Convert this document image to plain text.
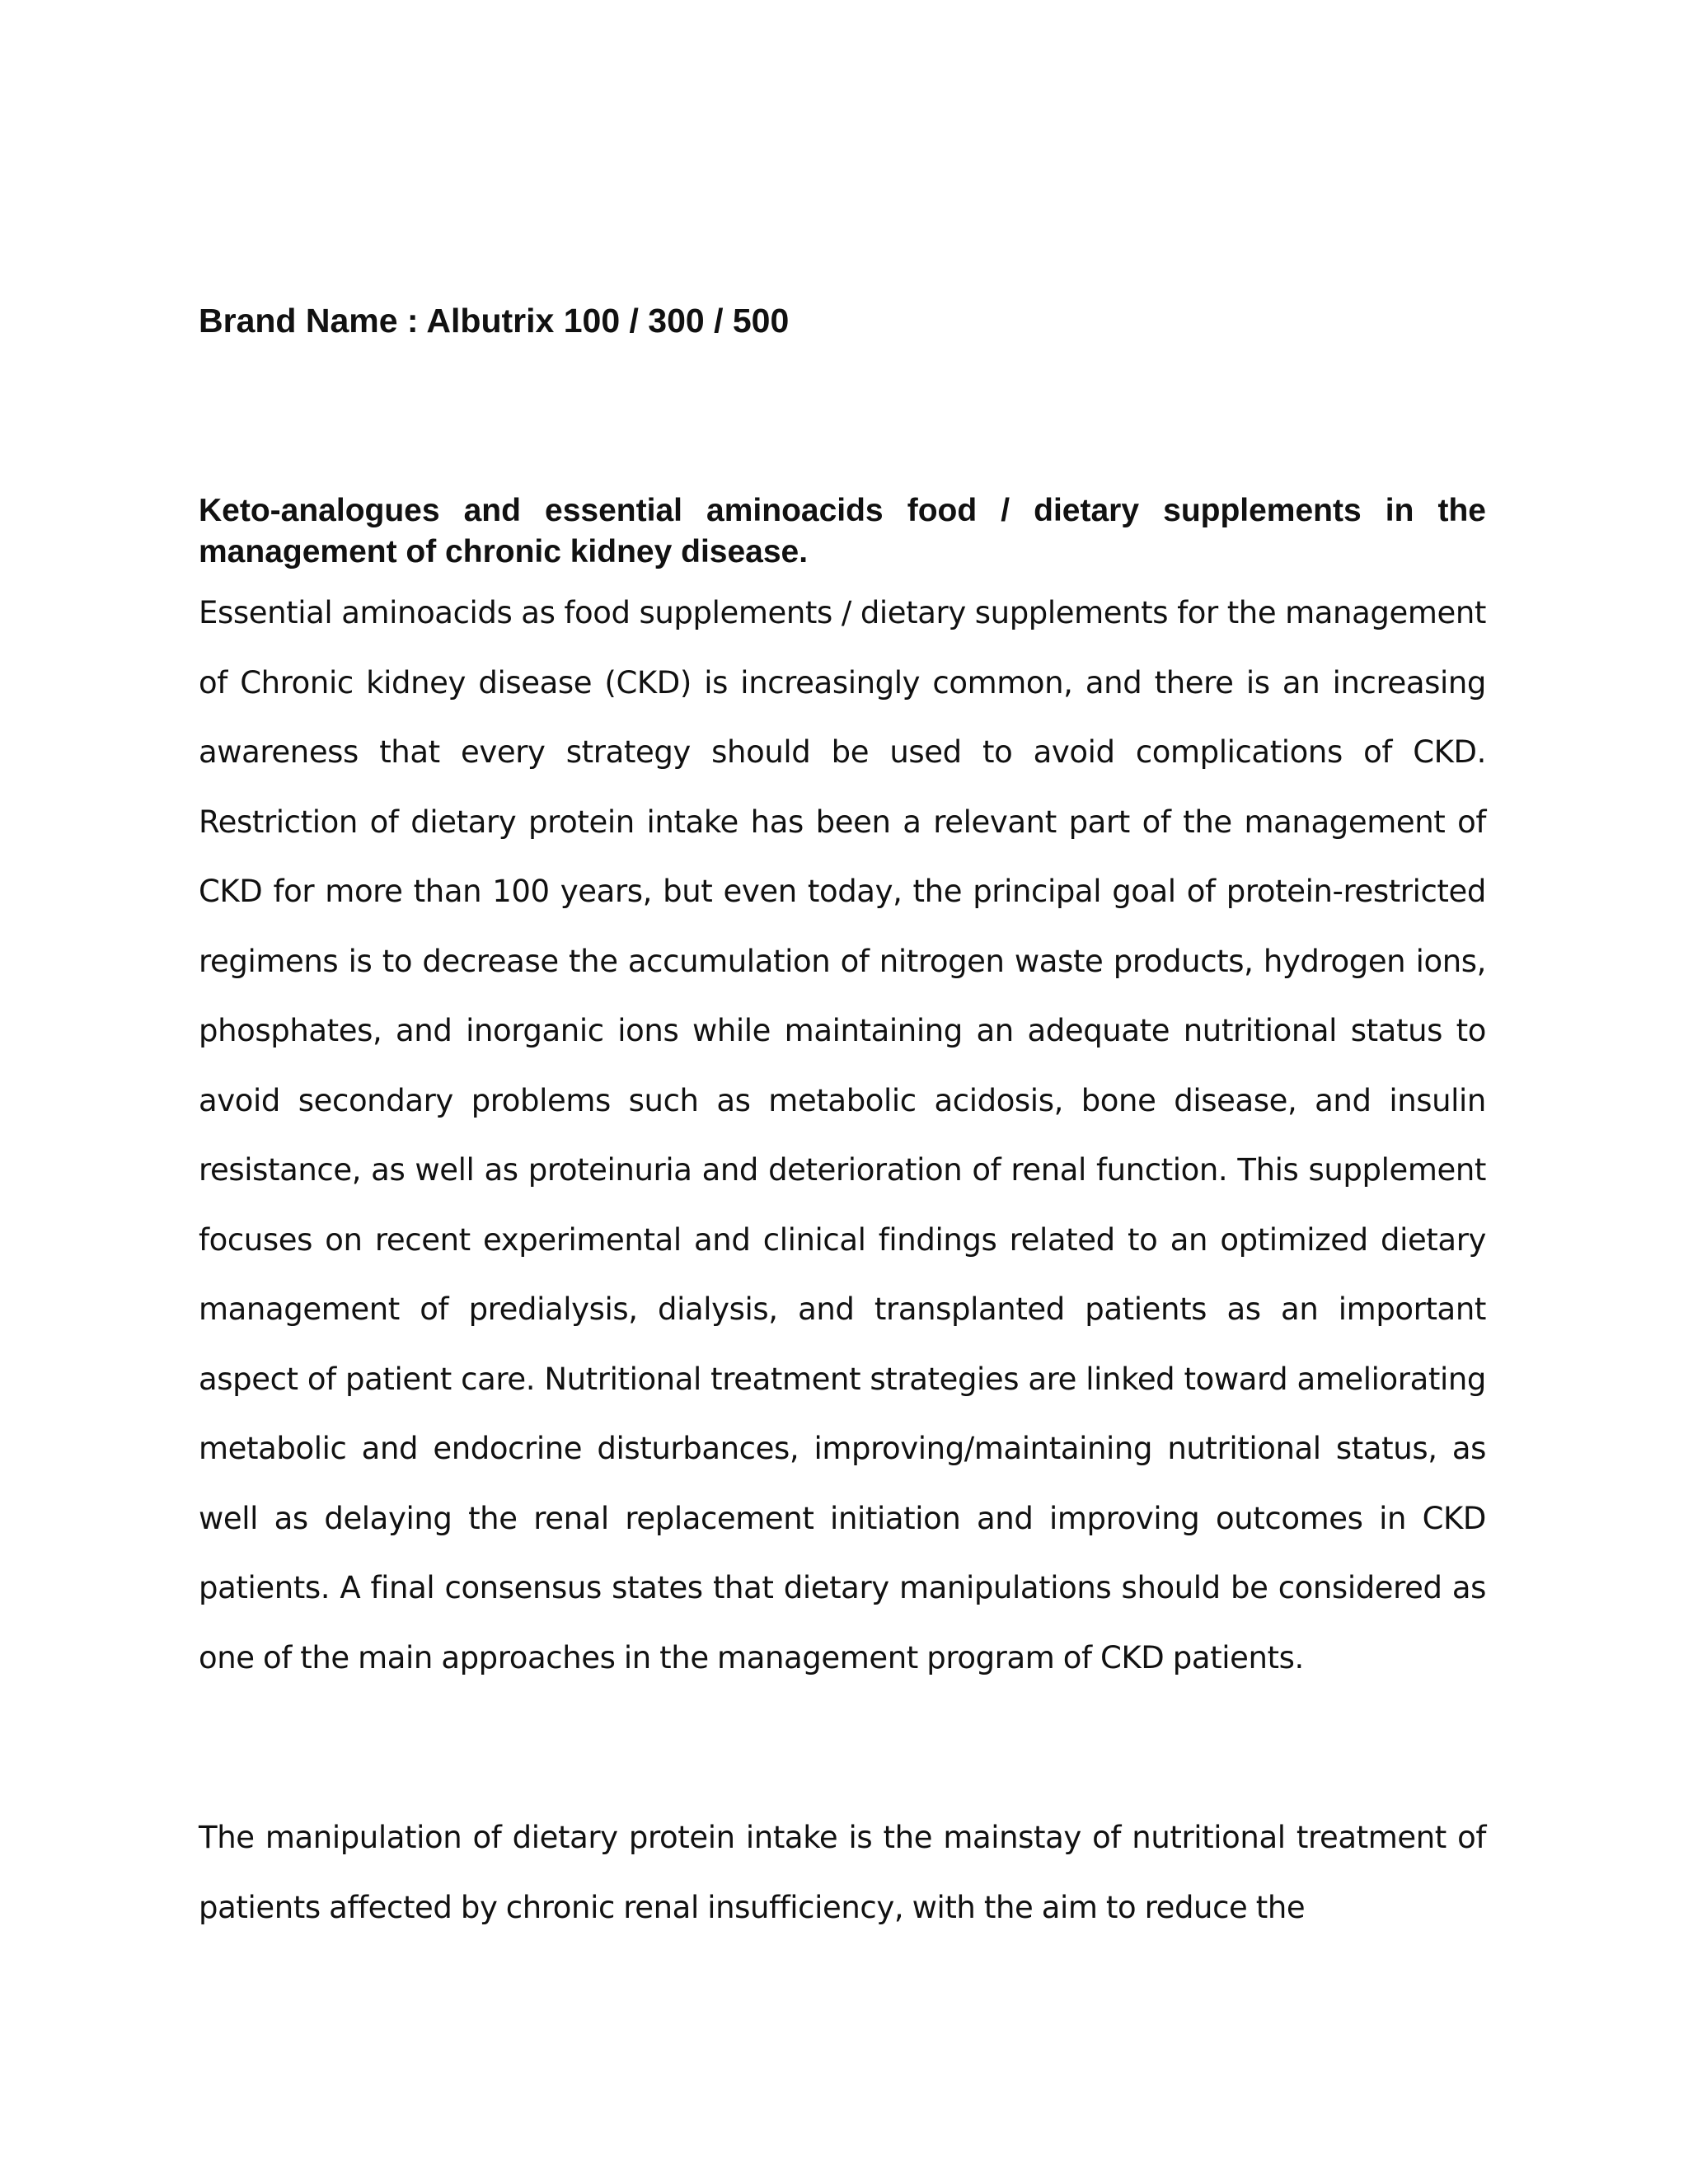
Brand Name : Albutrix 100 / 300 / 500
Keto-analogues and essential aminoacids food / dietary supplements in the management of chronic kidney disease.

Essential aminoacids as food supplements / dietary supplements for the management of Chronic kidney disease (CKD) is increasingly common, and there is an increasing awareness that every strategy should be used to avoid complications of CKD. Restriction of dietary protein intake has been a relevant part of the management of CKD for more than 100 years, but even today, the principal goal of protein-restricted regimens is to decrease the accumulation of nitrogen waste products, hydrogen ions, phosphates, and inorganic ions while maintaining an adequate nutritional status to avoid secondary problems such as metabolic acidosis, bone disease, and insulin resistance, as well as proteinuria and deterioration of renal function. This supplement focuses on recent experimental and clinical findings related to an optimized dietary management of predialysis, dialysis, and transplanted patients as an important aspect of patient care. Nutritional treatment strategies are linked toward ameliorating metabolic and endocrine disturbances, improving/maintaining nutritional status, as well as delaying the renal replacement initiation and improving outcomes in CKD patients. A final consensus states that dietary manipulations should be considered as one of the main approaches in the management program of CKD patients.

The manipulation of dietary protein intake is the mainstay of nutritional treatment of patients affected by chronic renal insufficiency, with the aim to reduce the
